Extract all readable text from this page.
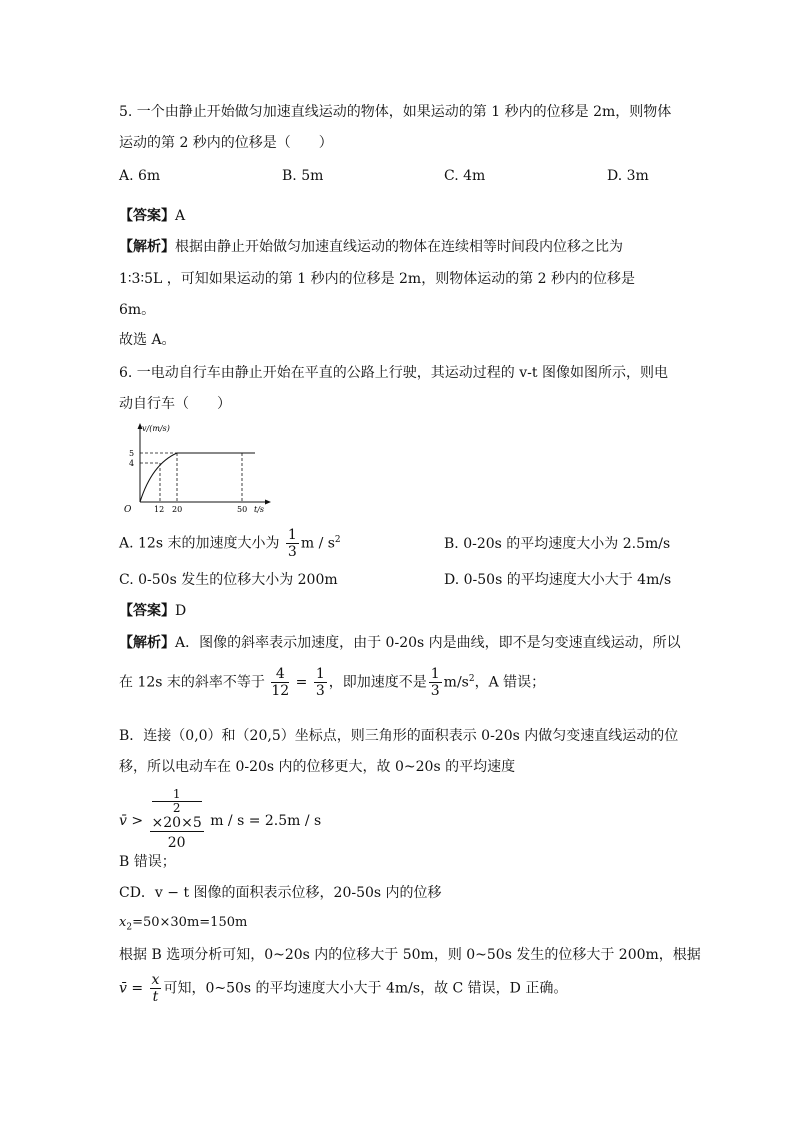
5. 一个由静止开始做匀加速直线运动的物体，如果运动的第 1 秒内的位移是 2m，则物体
运动的第 2 秒内的位移是（　　）
A. 6m	B. 5m	C. 4m	D. 3m
【答案】A
【解析】根据由静止开始做匀加速直线运动的物体在连续相等时间段内位移之比为
1∶3∶5L ，可知如果运动的第 1 秒内的位移是 2m，则物体运动的第 2 秒内的位移是
6m。
故选 A。
6. 一电动自行车由静止开始在平直的公路上行驶，其运动过程的 v-t 图像如图所示，则电
动自行车（　　）
v/(m/s)
5
4
O	12 20	50 t/s
A. 12s 末的加速度大小为 $\frac{1}{3}$ m / $s^2$	B. 0-20s 的平均速度大小为 2.5m/s
C. 0-50s 发生的位移大小为 200m	D. 0-50s 的平均速度大小大于 4m/s
【答案】D
【解析】A．图像的斜率表示加速度，由于 0-20s 内是曲线，即不是匀变速直线运动，所以
在 12s 末的斜率不等于 $\frac{4}{12} = \frac{1}{3}$ ，即加速度不是 $\frac{1}{3} m/s^2$，A 错误；
B．连接（0,0）和（20,5）坐标点，则三角形的面积表示 0-20s 内做匀变速直线运动的位
移，所以电动车在 0-20s 内的位移更大，故 0~20s 的平均速度
v̄ > 1
2
×20×5
20 m / s = 2.5m / s
B 错误；
CD．v − t 图像的面积表示位移，20-50s 内的位移
$x_2=50\times 30m=150m$
根据 B 选项分析可知，0~20s 内的位移大于 50m，则 0~50s 发生的位移大于 200m，根据
v̄ = $\frac{x}{t}$ 可知，0~50s 的平均速度大小大于 4m/s，故 C 错误，D 正确。
